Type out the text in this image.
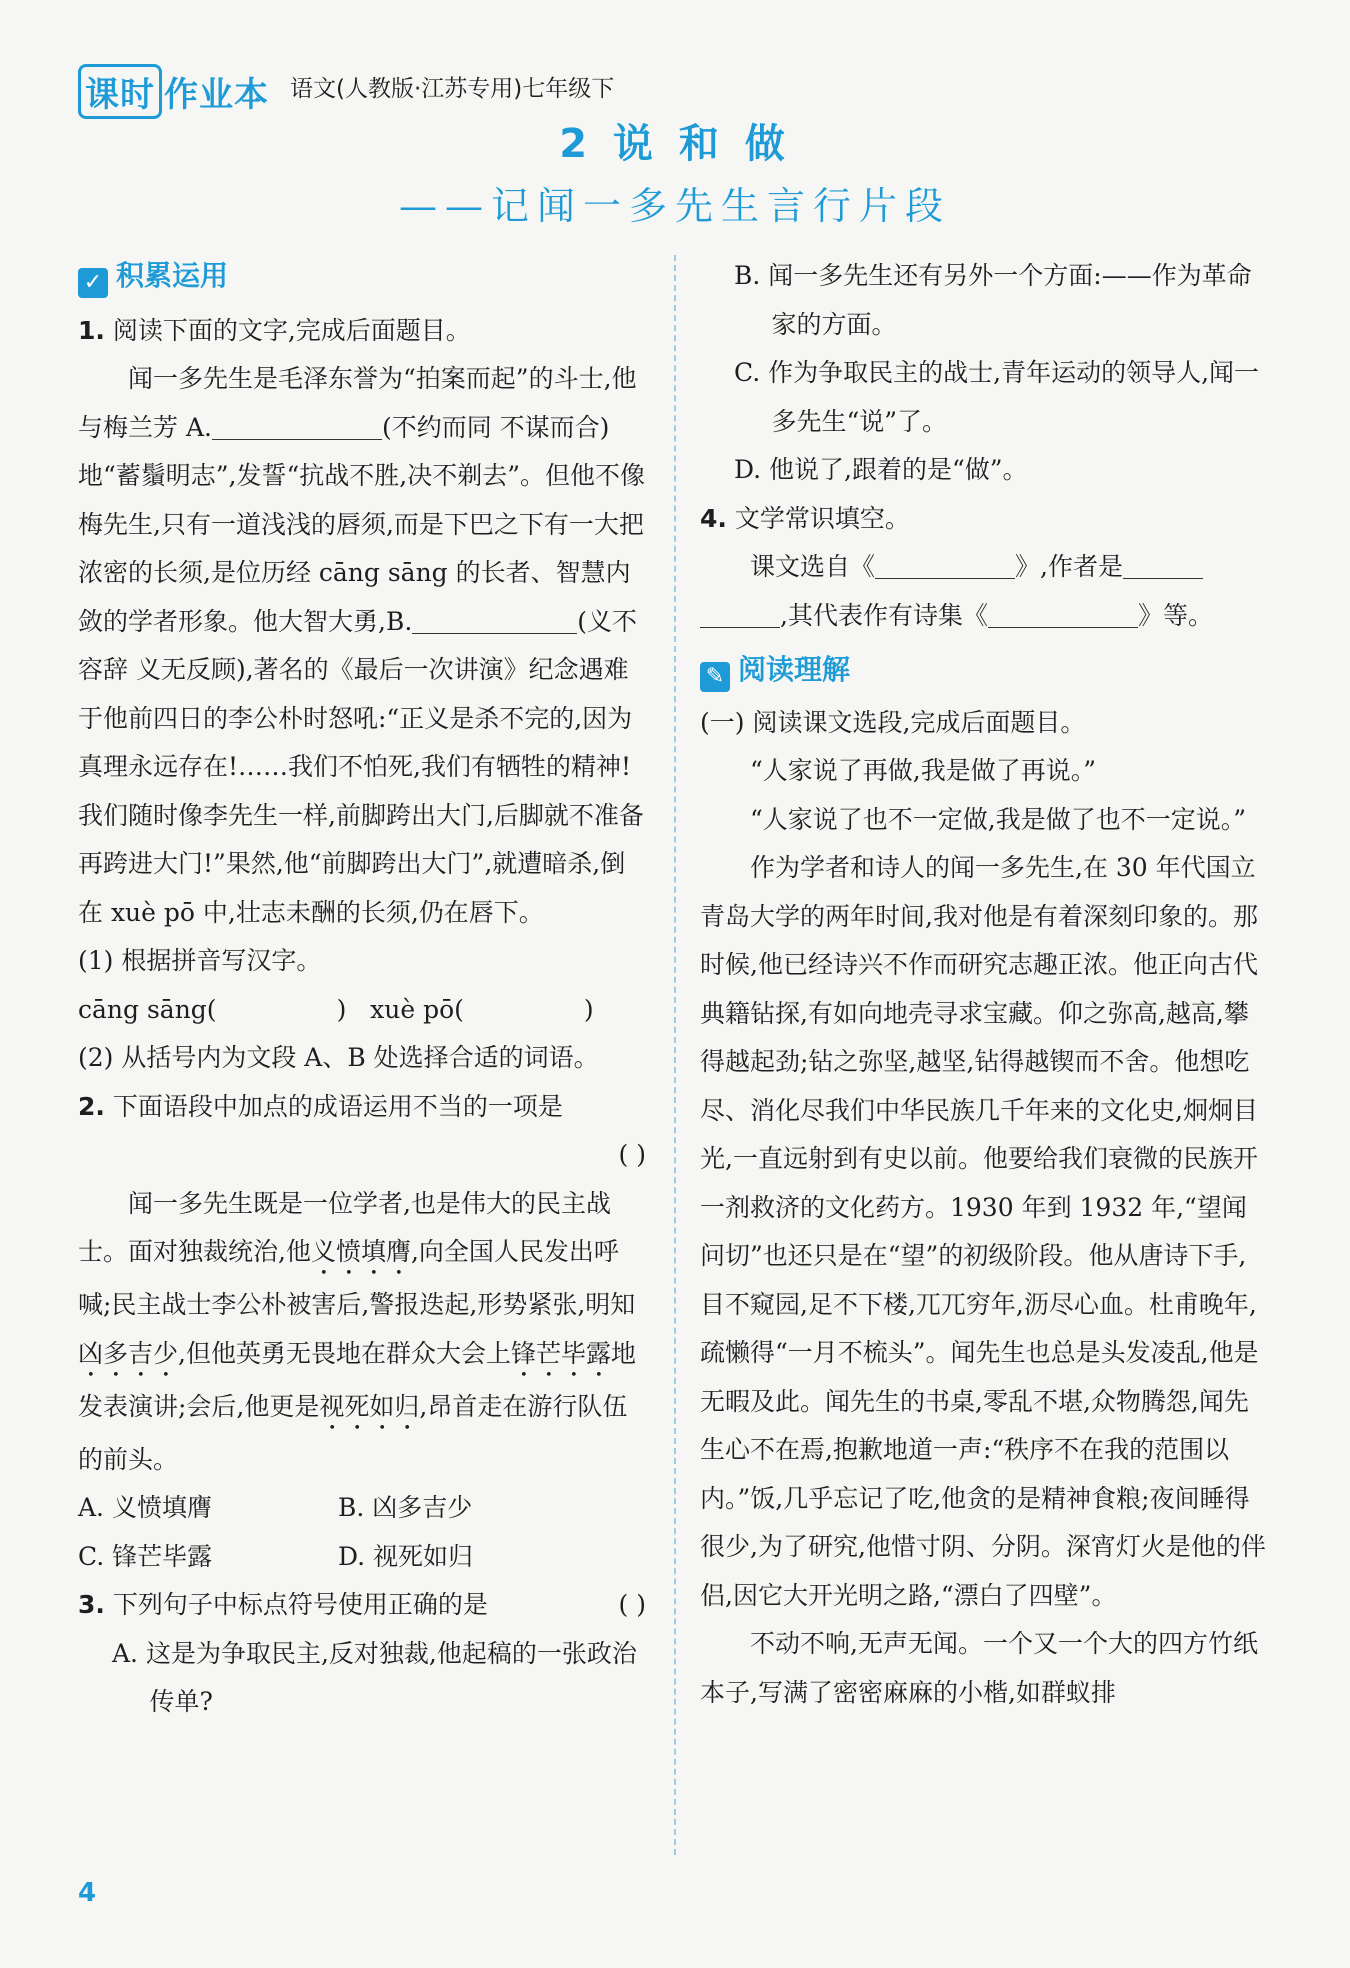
课时 作业本 语文(人教版·江苏专用)七年级下
2 说 和 做
——记闻一多先生言行片段
✓ 积累运用

1. 阅读下面的文字,完成后面题目。

闻一多先生是毛泽东誉为“拍案而起”的斗士,他与梅兰芳 A.	(不约而同 不谋而合)地“蓄鬚明志”,发誓“抗战不胜,决不剃去”。但他不像梅先生,只有一道浅浅的唇须,而是下巴之下有一大把浓密的长须,是位历经 cāng sāng 的长者、智慧内敛的学者形象。他大智大勇,B.	(义不容辞 义无反顾),著名的《最后一次讲演》纪念遇难于他前四日的李公朴时怒吼:“正义是杀不完的,因为真理永远存在!……我们不怕死,我们有牺牲的精神!我们随时像李先生一样,前脚跨出大门,后脚就不准备再跨进大门!”果然,他“前脚跨出大门”,就遭暗杀,倒在 xuè pō 中,壮志未酬的长须,仍在唇下。

(1) 根据拼音写汉字。

cāng sāng(	) xuè pō(	)

(2) 从括号内为文段 A、B 处选择合适的词语。

2. 下面语段中加点的成语运用不当的一项是

( )

闻一多先生既是一位学者,也是伟大的民主战士。面对独裁统治,他义愤填膺,向全国人民发出呼喊;民主战士李公朴被害后,警报迭起,形势紧张,明知凶多吉少,但他英勇无畏地在群众大会上锋芒毕露地发表演讲;会后,他更是视死如归,昂首走在游行队伍的前头。

A. 义愤填膺	B. 凶多吉少
C. 锋芒毕露	D. 视死如归

3. 下列句子中标点符号使用正确的是	( )

A. 这是为争取民主,反对独裁,他起稿的一张政治传单?

B. 闻一多先生还有另外一个方面:——作为革命家的方面。

C. 作为争取民主的战士,青年运动的领导人,闻一多先生“说”了。

D. 他说了,跟着的是“做”。

4. 文学常识填空。

课文选自《	》,作者是,其代表作有诗集《	》等。

✎ 阅读理解

(一) 阅读课文选段,完成后面题目。

“人家说了再做,我是做了再说。”

“人家说了也不一定做,我是做了也不一定说。”

作为学者和诗人的闻一多先生,在 30 年代国立青岛大学的两年时间,我对他是有着深刻印象的。那时候,他已经诗兴不作而研究志趣正浓。他正向古代典籍钻探,有如向地壳寻求宝藏。仰之弥高,越高,攀得越起劲;钻之弥坚,越坚,钻得越锲而不舍。他想吃尽、消化尽我们中华民族几千年来的文化史,炯炯目光,一直远射到有史以前。他要给我们衰微的民族开一剂救济的文化药方。1930 年到 1932 年,“望闻问切”也还只是在“望”的初级阶段。他从唐诗下手,目不窥园,足不下楼,兀兀穷年,沥尽心血。杜甫晚年,疏懒得“一月不梳头”。闻先生也总是头发凌乱,他是无暇及此。闻先生的书桌,零乱不堪,众物腾怨,闻先生心不在焉,抱歉地道一声:“秩序不在我的范围以内。”饭,几乎忘记了吃,他贪的是精神食粮;夜间睡得很少,为了研究,他惜寸阴、分阴。深宵灯火是他的伴侣,因它大开光明之路,“漂白了四壁”。

不动不响,无声无闻。一个又一个大的四方竹纸本子,写满了密密麻麻的小楷,如群蚁排

4
